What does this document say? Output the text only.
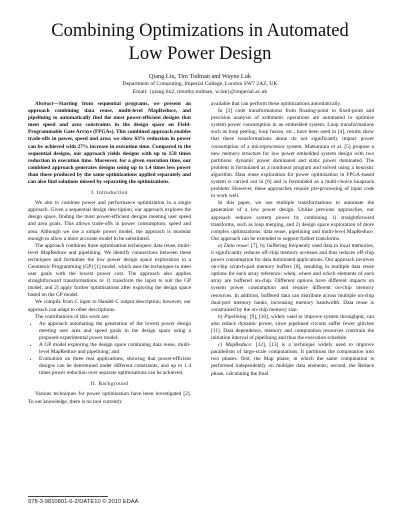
Combining Optimizations in Automated
Low Power Design
Qiang Liu, Tim Todman and Wayne Luk
Department of Computing, Imperial College, London SW7 2AZ, UK
Email: {qiang.liu2, timothy.todman, w.luk}@imperial.ac.uk

Abstract—Starting from sequential programs, we present an approach combining data reuse, multi-level MapReduce, and pipelining to automatically find the most power-efficient designs that meet speed and area constraints in the design space on Field-Programmable Gate Arrays (FPGAs). This combined approach enables trade-offs in power, speed and area: we show 63% reduction in power can be achieved with 27% increase in execution time. Compared to the sequential designs, our approach yields designs with up to 158 times reduction in execution time. Moreover, for a given execution time, our combined approach generates designs using up to 1.4 times less power than those produced by the same optimizations applied separately and can also find solutions missed by separating the optimizations.

I. Introduction

We aim to combine power and performance optimization in a single approach. Given a sequential design description, our approach explores the design space, finding the most power-efficient designs meeting user speed and area goals. This allows trade-offs in power consumption, speed and area. Although we use a simple power model, the approach is modular enough to allow a more accurate model to be substituted.

The approach combines three optimisation techniques: data reuse, multi-level MapReduce and pipelining. We identify connections between these techniques and formulate the low power design space exploration in a Geometric Programming (GP) [1] model, which uses the techniques to meet user goals with the lowest power cost. The approach also applies straightforward transformations to 1) transform the input to suit the GP model; and 2) apply further optimisations after exploring the design space based on the GP model.

We compile from C input to Handel-C output description; however, our approach can adapt to other descriptions.

The contributions of this work are:

• An approach automating the generation of the lowest power design meeting user area and speed goals in the design space using a proposed experimental power model;
• A GP model exploring the design space combining data reuse, multi-level MapReduce and pipelining; and
• Evaluation on three real applications, showing that power-efficient designs can be determined under different constraints, and up to 1.4 times power reduction over separate optimisations can be achieved.
II. Background

Various techniques for power optimisation have been investigated [2]. To our knowledge, there is no tool currently

available that can perform these optimizations automatically.

In [3] code transformations from floating-point to fixed-point and precision analysis of arithmetic operations are automated to optimise system power consumption in an embedded system. Loop transformations such as loop peeling, loop fusion, etc., have been used in [4], results show that these transformations alone do not significantly impact power consumption of a microprocessor system. Matsumura et al. [5] propose a new memory structure for low power embedded system design with two partitions: dynamic power dominated and static power dominated. The problem is formulated as a nonlinear program and solved using a heuristic algorithm. Data reuse exploration for power optimisation in FPGA-based system is carried out in [6] and is formulated as a multi-choice knapsack problem. However, these approaches require pre-processing of input code to work well.

In this paper, we use multiple transformations to automate the generation of a low power design. Unlike previous approaches, our approach reduces system power by combining 1) straightforward transforms, such as loop merging, and 2) design space exploration of more complex optimizations: data reuse, pipelining and multi-level MapReduce. Our approach can be extended to support further transforms.

a) Data reuse: [7], by buffering frequently used data in local memories, it significantly reduces off-chip memory accesses and thus reduces off-chip power consumption for data dominated applications. Our approach involves on-chip scratch-pad memory buffers [8], resulting in multiple data reuse options for each array reference: when, where and which elements of each array are buffered on-chip. Different options have different impacts on system power consumption and require different on-chip memory resources. In addition, buffered data can distribute across multiple on-chip dual-port memory banks, increasing memory bandwidth. Data reuse is constrained by the on-chip memory size.

b) Pipelining: [9], [10], widely used to improve system throughput, can also reduce dynamic power, since pipelined circuits suffer fewer glitches [11]. Data dependence, memory and computation resources constrain the initiation interval of pipelining and thus the execution schedule.

c) MapReduce: [12], [13] is a technique widely used to improve parallelism of large-scale computations. It partitions the computation into two phases: first, the Map phase, in which the same computation is performed independently on multiple data elements; second, the Reduce phase, calculating the final

978-3-9810801-6-2/DATE10 © 2010 EDAA
